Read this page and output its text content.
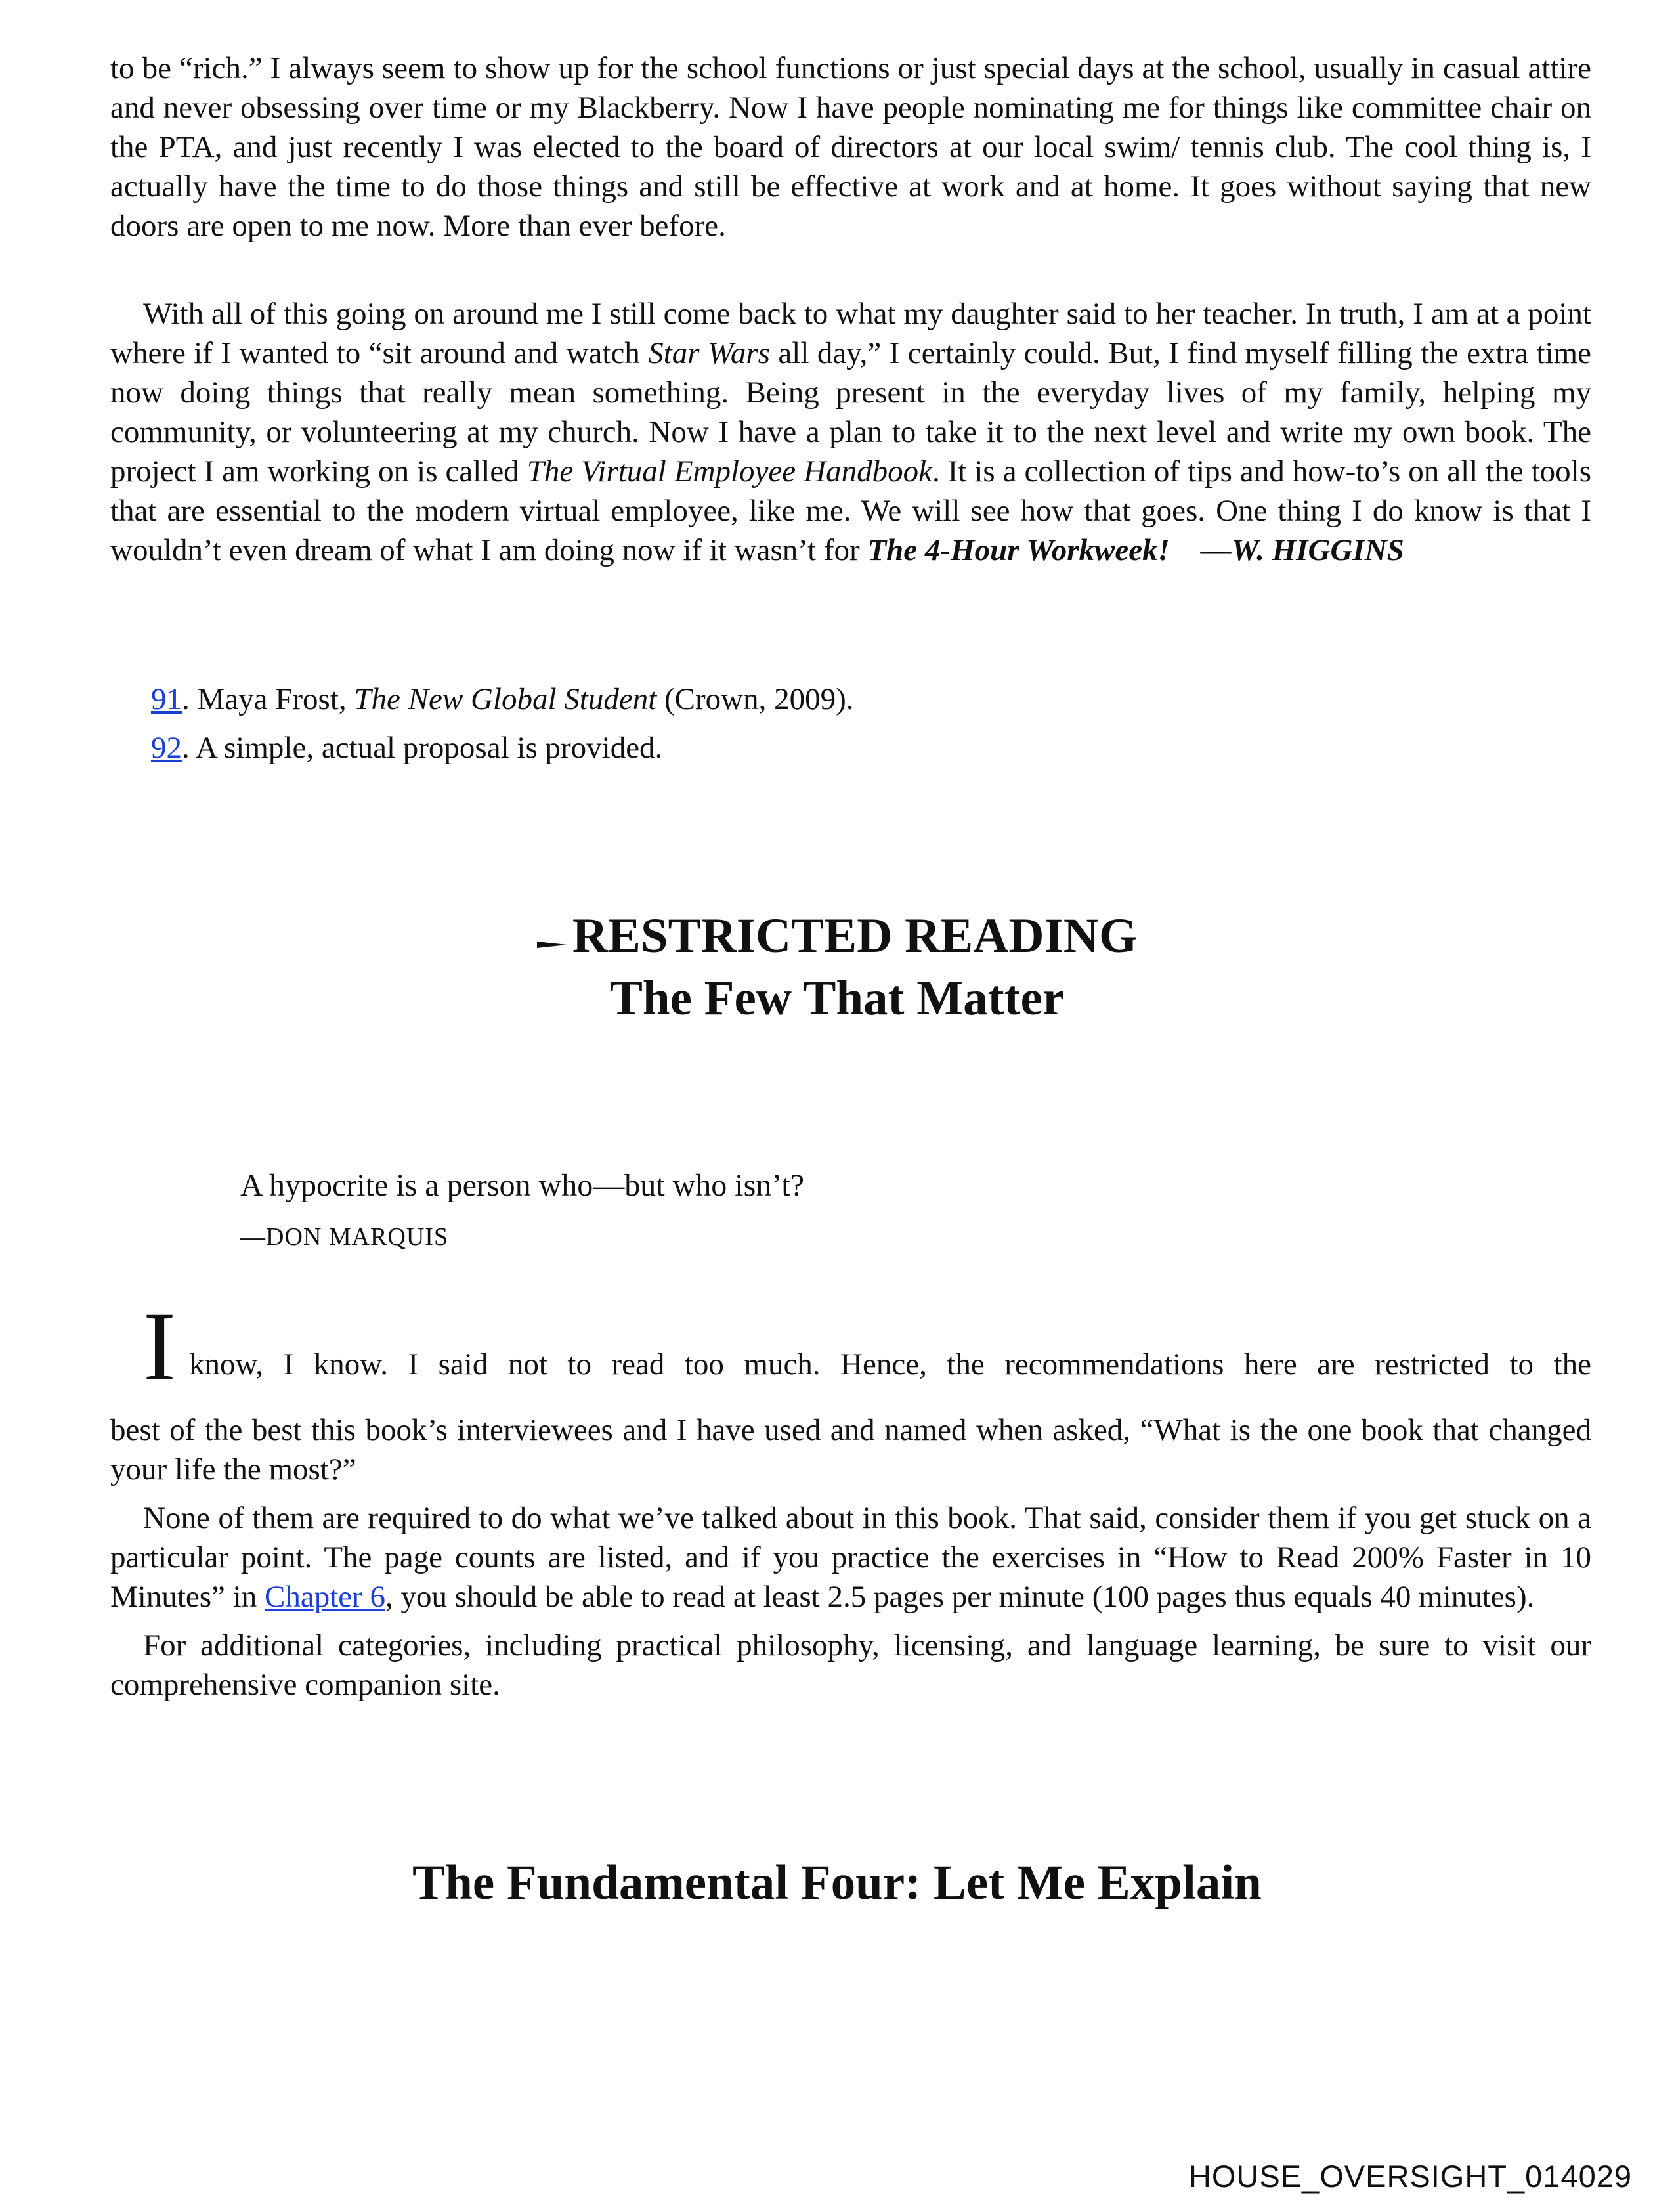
to be “rich.” I always seem to show up for the school functions or just special days at the school, usually in casual attire and never obsessing over time or my Blackberry. Now I have people nominating me for things like committee chair on the PTA, and just recently I was elected to the board of directors at our local swim/ tennis club. The cool thing is, I actually have the time to do those things and still be effective at work and at home. It goes without saying that new doors are open to me now. More than ever before.

With all of this going on around me I still come back to what my daughter said to her teacher. In truth, I am at a point where if I wanted to “sit around and watch Star Wars all day,” I certainly could. But, I find myself filling the extra time now doing things that really mean something. Being present in the everyday lives of my family, helping my community, or volunteering at my church. Now I have a plan to take it to the next level and write my own book. The project I am working on is called The Virtual Employee Handbook. It is a collection of tips and how-to’s on all the tools that are essential to the modern virtual employee, like me. We will see how that goes. One thing I do know is that I wouldn’t even dream of what I am doing now if it wasn’t for The 4-Hour Workweek! —W. HIGGINS

91. Maya Frost, The New Global Student (Crown, 2009).

92. A simple, actual proposal is provided.

RESTRICTED READING
The Few That Matter
A hypocrite is a person who—but who isn’t?
—DON MARQUIS
I know, I know. I said not to read too much. Hence, the recommendations here are restricted to the

best of the best this book’s interviewees and I have used and named when asked, “What is the one book that changed your life the most?”

None of them are required to do what we’ve talked about in this book. That said, consider them if you get stuck on a particular point. The page counts are listed, and if you practice the exercises in “How to Read 200% Faster in 10 Minutes” in Chapter 6, you should be able to read at least 2.5 pages per minute (100 pages thus equals 40 minutes).

For additional categories, including practical philosophy, licensing, and language learning, be sure to visit our comprehensive companion site.

The Fundamental Four: Let Me Explain
HOUSE_OVERSIGHT_014029
